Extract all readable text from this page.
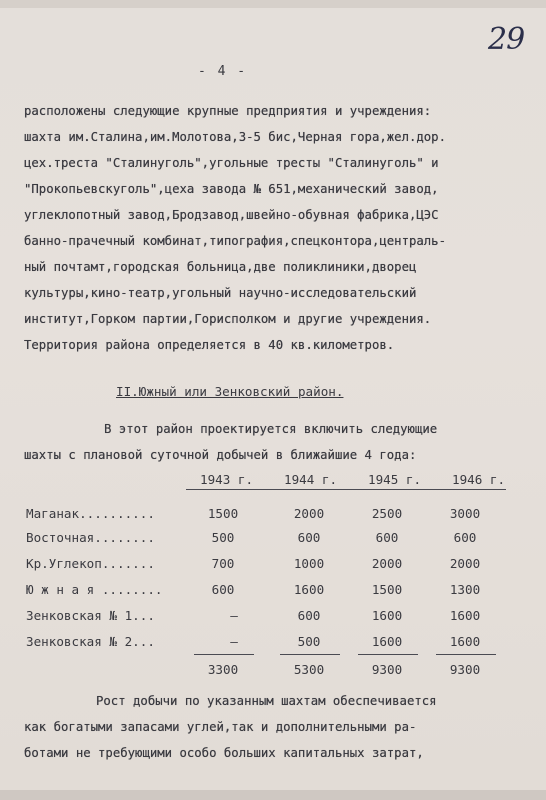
29
- 4 -
расположены следующие крупные предприятия и учреждения:
шахта им.Сталина,им.Молотова,3-5 бис,Черная гора,жел.дор.
цех.треста "Сталинуголь",угольные тресты "Сталинуголь" и
"Прокопьевскуголь",цеха завода № 651,механический завод,
углеклопотный завод,Бродзавод,швейно-обувная фабрика,ЦЭС
банно-прачечный комбинат,типография,спецконтора,централь-
ный почтамт,городская больница,две поликлиники,дворец
культуры,кино-театр,угольный научно-исследовательский
институт,Горком партии,Горисполком и другие учреждения.
Территория района определяется в 40 кв.километров.
II.Южный или Зенковский район.
В этот район проектируется включить следующие
шахты с плановой суточной добычей в ближайшие 4 года:
1943 г. 1944 г. 1945 г. 1946 г.
Маганак..........	1500	2000	2500	3000
Восточная........	500	600	600	600
Кр.Углекоп.......	700	1000	2000	2000
Ю ж н а я ........	600	1600	1500	1300
Зенковская № 1...	–	600	1600	1600
Зенковская № 2...	–	500	1600	1600
3300	5300	9300	9300
Рост добычи по указанным шахтам обеспечивается
как богатыми запасами углей,так и дополнительными ра-
ботами не требующими особо больших капитальных затрат,
